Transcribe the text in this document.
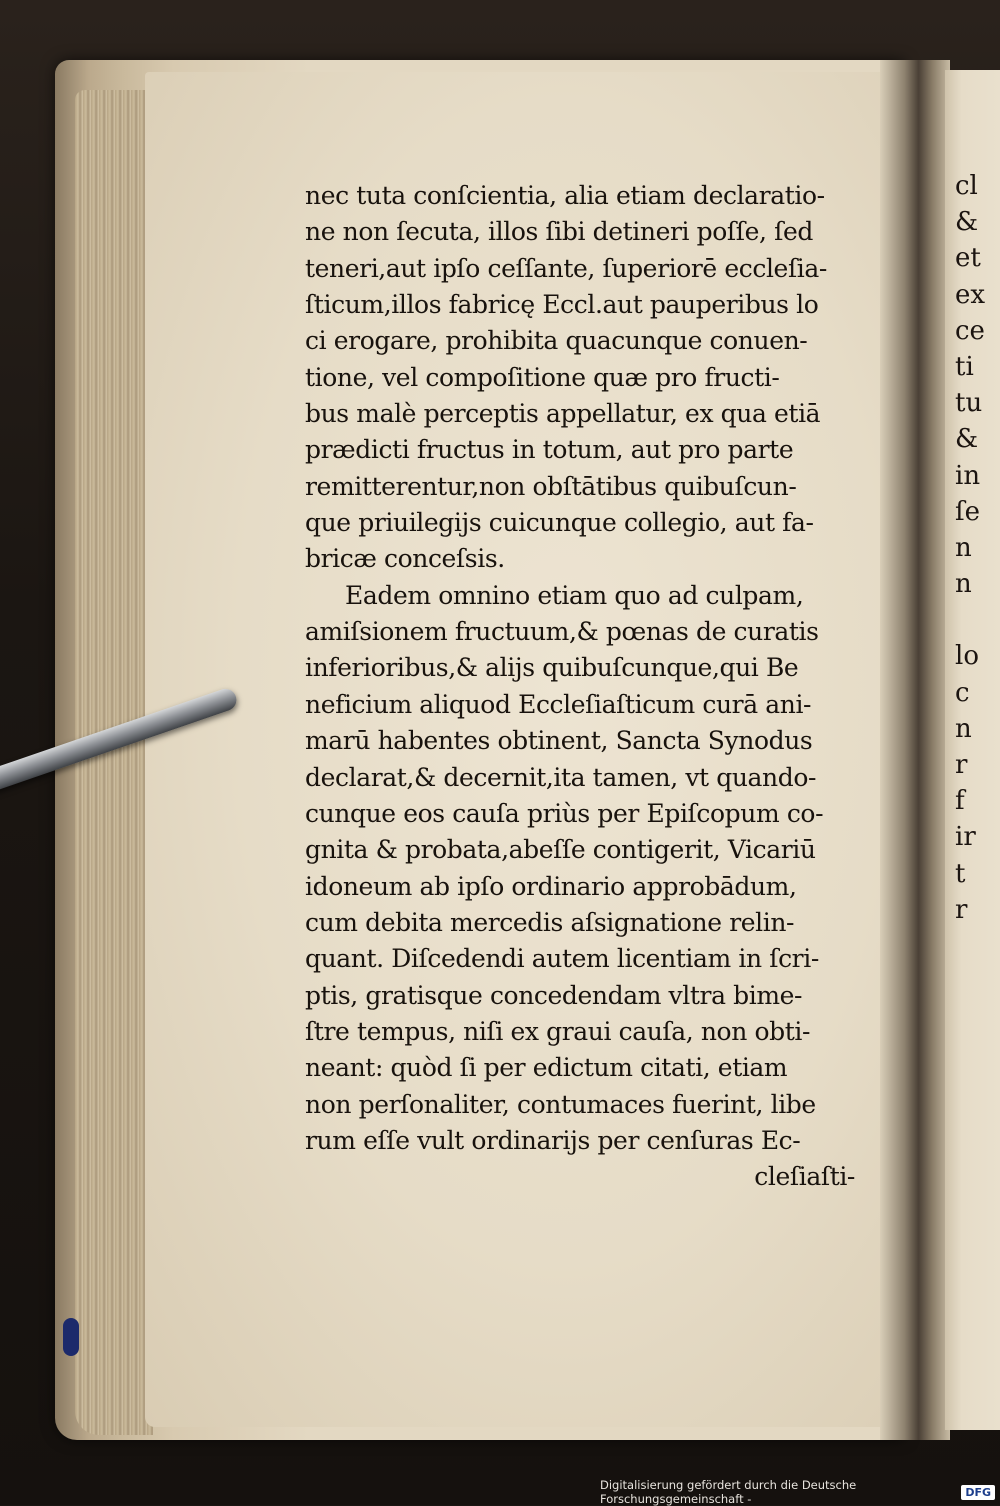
cl
&
et
ex
ce
ti
tu
&
in
ſe
n
n
lo
c
n
r
f
ir
t
r
nec tuta conſcientia, alia etiam declaratio-
ne non ſecuta, illos ſibi detineri poſſe, ſed
teneri,aut ipſo ceſſante, ſuperiorē eccleſia-
ſticum,illos fabricę Eccl.aut pauperibus lo
ci erogare, prohibita quacunque conuen-
tione, vel compoſitione quæ pro fructi-
bus malè perceptis appellatur, ex qua etiā
prædicti fructus in totum, aut pro parte
remitterentur,non obſtātibus quibuſcun-
que priuilegijs cuicunque collegio, aut fa-
bricæ conceſsis.
Eadem omnino etiam quo ad culpam,
amiſsionem fructuum,& pœnas de curatis
inferioribus,& alijs quibuſcunque,qui Be
neficium aliquod Eccleſiaſticum curā ani-
marū habentes obtinent, Sancta Synodus
declarat,& decernit,ita tamen, vt quando-
cunque eos cauſa priùs per Epiſcopum co-
gnita & probata,abeſſe contigerit, Vicariū
idoneum ab ipſo ordinario approbādum,
cum debita mercedis aſsignatione relin-
quant. Diſcedendi autem licentiam in ſcri-
ptis, gratisque concedendam vltra bime-
ſtre tempus, niſi ex graui cauſa, non obti-
neant: quòd ſi per edictum citati, etiam
non perſonaliter, contumaces fuerint, libe
rum eſſe vult ordinarijs per cenſuras Ec-
cleſiaſti-
Digitalisierung gefördert durch die Deutsche Forschungsgemeinschaft -	DFG
